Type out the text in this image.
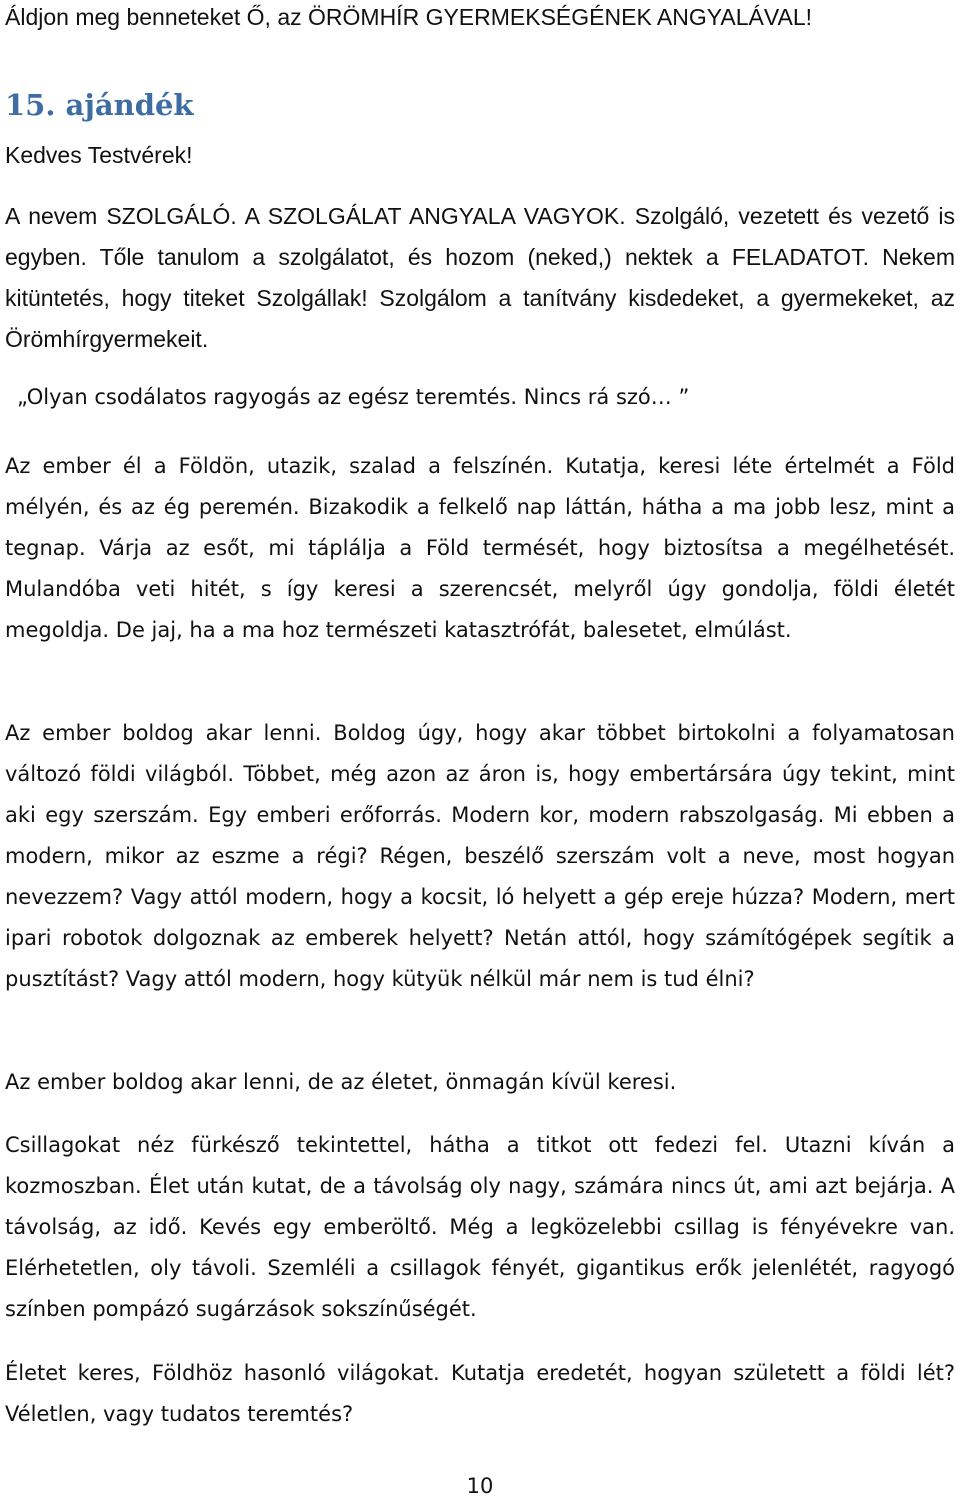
Áldjon meg benneteket Ő, az ÖRÖMHÍR GYERMEKSÉGÉNEK ANGYALÁVAL!
15. ajándék
Kedves Testvérek!

A nevem SZOLGÁLÓ. A SZOLGÁLAT ANGYALA VAGYOK. Szolgáló, vezetett és vezető is egyben. Tőle tanulom a szolgálatot, és hozom (neked,) nektek a FELADATOT. Nekem kitüntetés, hogy titeket Szolgállak! Szolgálom a tanítvány kisdedeket, a gyermekeket, az Örömhírgyermekeit.

„Olyan csodálatos ragyogás az egész teremtés. Nincs rá szó… ”

Az ember él a Földön, utazik, szalad a felszínén. Kutatja, keresi léte értelmét a Föld mélyén, és az ég peremén. Bizakodik a felkelő nap láttán, hátha a ma jobb lesz, mint a tegnap. Várja az esőt, mi táplálja a Föld termését, hogy biztosítsa a megélhetését. Mulandóba veti hitét, s így keresi a szerencsét, melyről úgy gondolja, földi életét megoldja. De jaj, ha a ma hoz természeti katasztrófát, balesetet, elmúlást.

Az ember boldog akar lenni. Boldog úgy, hogy akar többet birtokolni a folyamatosan változó földi világból. Többet, még azon az áron is, hogy embertársára úgy tekint, mint aki egy szerszám. Egy emberi erőforrás. Modern kor, modern rabszolgaság. Mi ebben a modern, mikor az eszme a régi? Régen, beszélő szerszám volt a neve, most hogyan nevezzem? Vagy attól modern, hogy a kocsit, ló helyett a gép ereje húzza? Modern, mert ipari robotok dolgoznak az emberek helyett? Netán attól, hogy számítógépek segítik a pusztítást? Vagy attól modern, hogy kütyük nélkül már nem is tud élni?

Az ember boldog akar lenni, de az életet, önmagán kívül keresi.

Csillagokat néz fürkésző tekintettel, hátha a titkot ott fedezi fel. Utazni kíván a kozmoszban. Élet után kutat, de a távolság oly nagy, számára nincs út, ami azt bejárja. A távolság, az idő. Kevés egy emberöltő. Még a legközelebbi csillag is fényévekre van. Elérhetetlen, oly távoli. Szemléli a csillagok fényét, gigantikus erők jelenlétét, ragyogó színben pompázó sugárzások sokszínűségét.

Életet keres, Földhöz hasonló világokat. Kutatja eredetét, hogyan született a földi lét? Véletlen, vagy tudatos teremtés?

10
